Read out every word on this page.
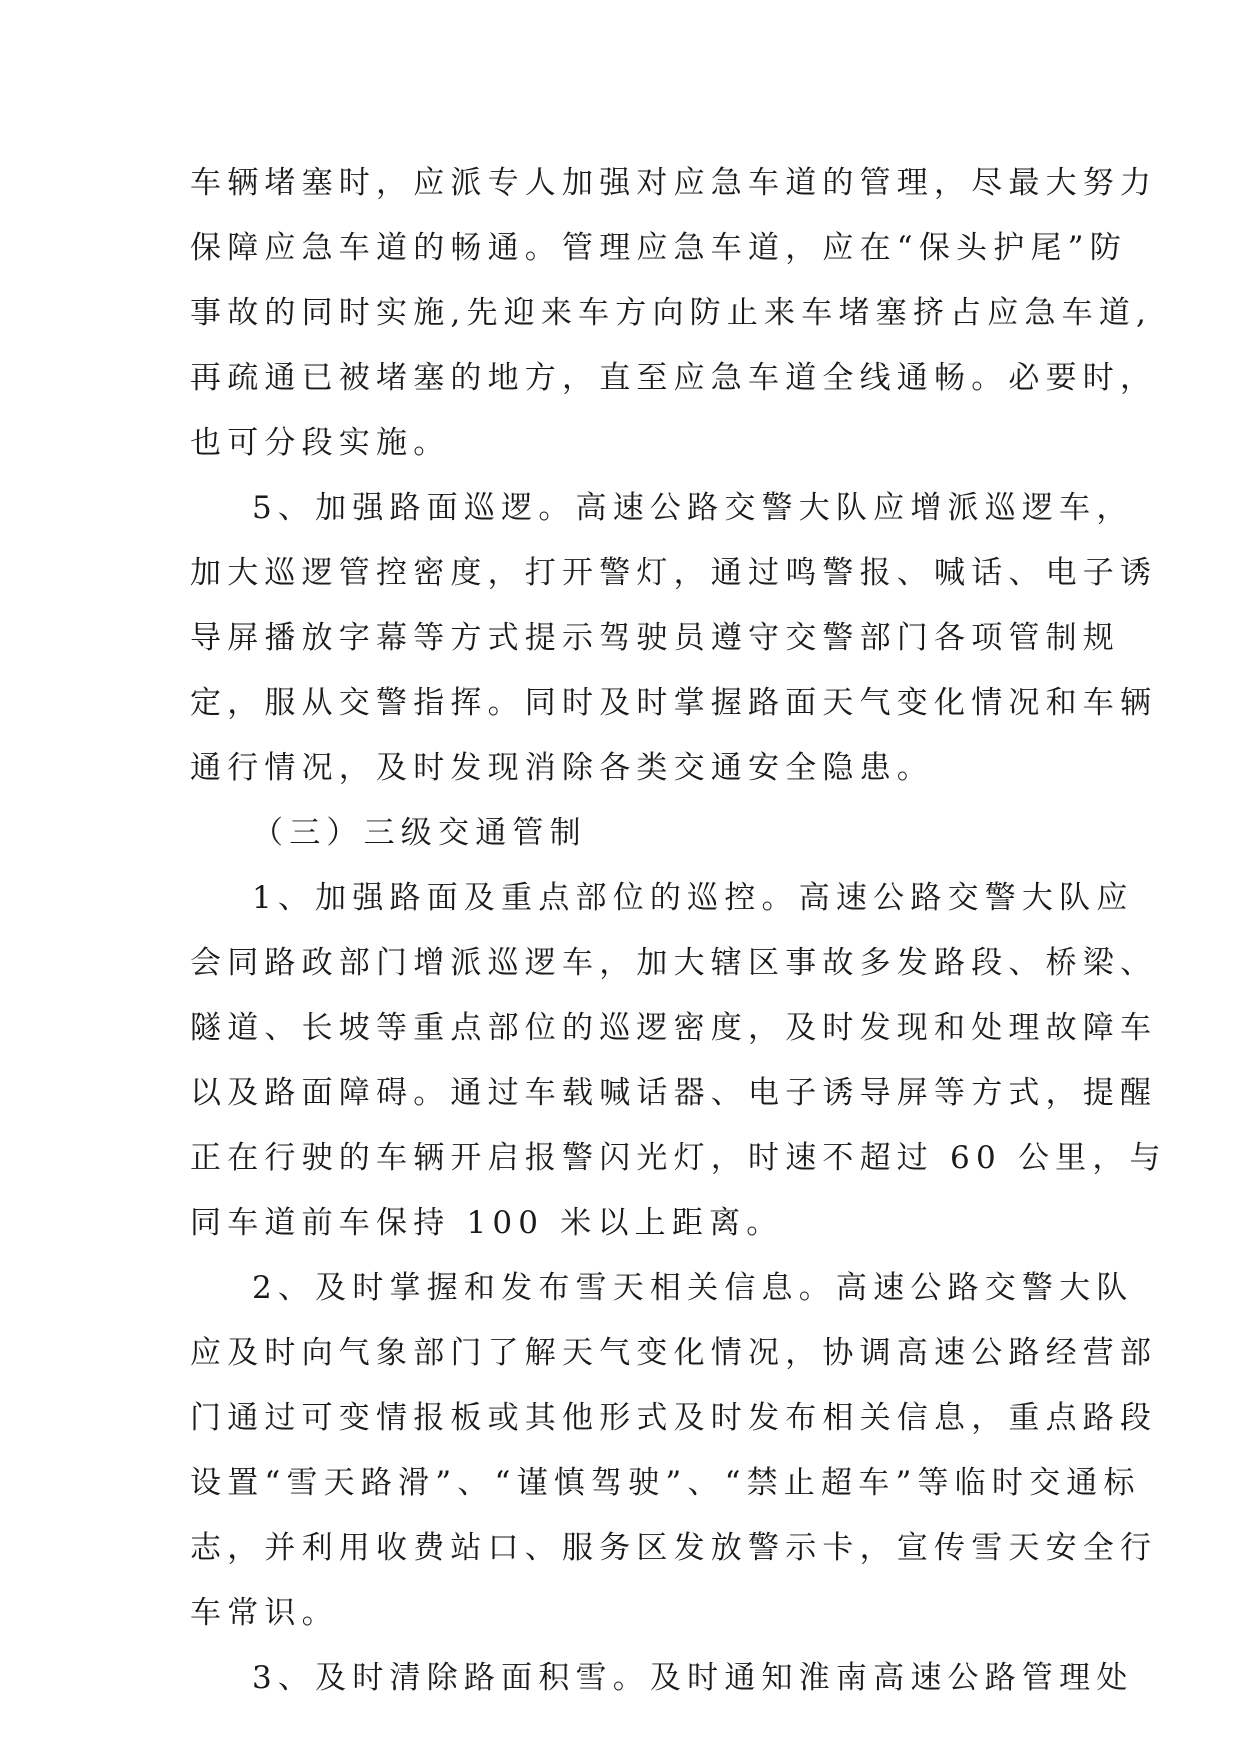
车辆堵塞时，应派专人加强对应急车道的管理，尽最大努力
保障应急车道的畅通。管理应急车道，应在“保头护尾”防
事故的同时实施,先迎来车方向防止来车堵塞挤占应急车道,
再疏通已被堵塞的地方，直至应急车道全线通畅。必要时，
也可分段实施。
5、加强路面巡逻。高速公路交警大队应增派巡逻车，
加大巡逻管控密度，打开警灯，通过鸣警报、喊话、电子诱
导屏播放字幕等方式提示驾驶员遵守交警部门各项管制规
定，服从交警指挥。同时及时掌握路面天气变化情况和车辆
通行情况，及时发现消除各类交通安全隐患。
（三）三级交通管制
1、加强路面及重点部位的巡控。高速公路交警大队应
会同路政部门增派巡逻车，加大辖区事故多发路段、桥梁、
隧道、长坡等重点部位的巡逻密度，及时发现和处理故障车
以及路面障碍。通过车载喊话器、电子诱导屏等方式，提醒
正在行驶的车辆开启报警闪光灯，时速不超过 60 公里，与
同车道前车保持 100 米以上距离。
2、及时掌握和发布雪天相关信息。高速公路交警大队
应及时向气象部门了解天气变化情况，协调高速公路经营部
门通过可变情报板或其他形式及时发布相关信息，重点路段
设置“雪天路滑”、“谨慎驾驶”、“禁止超车”等临时交通标
志，并利用收费站口、服务区发放警示卡，宣传雪天安全行
车常识。
3、及时清除路面积雪。及时通知淮南高速公路管理处
